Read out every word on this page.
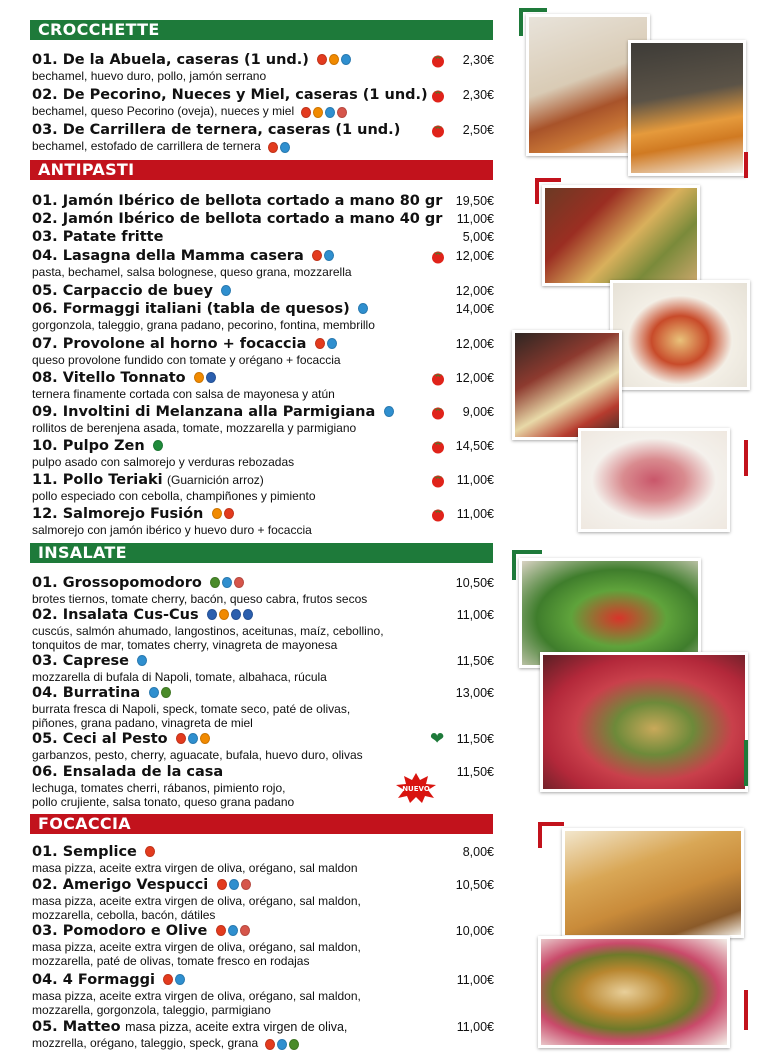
CROCCHETTE
01. De la Abuela, caseras (1 und.)	2,30€
bechamel, huevo duro, pollo, jamón serrano
02. De Pecorino, Nueces y Miel, caseras (1 und.)	2,30€
bechamel, queso Pecorino (oveja), nueces y miel
03. De Carrillera de ternera, caseras (1 und.)	2,50€
bechamel, estofado de carrillera de ternera
ANTIPASTI
01. Jamón Ibérico de bellota cortado a mano 80 gr 19,50€
02. Jamón Ibérico de bellota cortado a mano 40 gr 11,00€
03. Patate fritte	5,00€
04. Lasagna della Mamma casera	12,00€
pasta, bechamel, salsa bolognese, queso grana, mozzarella
05. Carpaccio de buey	12,00€
06. Formaggi italiani (tabla de quesos)	14,00€
gorgonzola, taleggio, grana padano, pecorino, fontina, membrillo
07. Provolone al horno + focaccia	12,00€
queso provolone fundido con tomate y orégano + focaccia
08. Vitello Tonnato	12,00€
ternera finamente cortada con salsa de mayonesa y atún
09. Involtini di Melanzana alla Parmigiana	9,00€
rollitos de berenjena asada, tomate, mozzarella y parmigiano
10. Pulpo Zen	14,50€
pulpo asado con salmorejo y verduras rebozadas
11. Pollo Teriaki (Guarnición arroz)	11,00€
pollo especiado con cebolla, champiñones y pimiento
12. Salmorejo Fusión	11,00€
salmorejo con jamón ibérico y huevo duro + focaccia
INSALATE
01. Grossopomodoro	10,50€
brotes tiernos, tomate cherry, bacón, queso cabra, frutos secos
02. Insalata Cus-Cus	11,00€
cuscús, salmón ahumado, langostinos, aceitunas, maíz, cebollino,
tonquitos de mar, tomates cherry, vinagreta de mayonesa
03. Caprese	11,50€
mozzarella di bufala di Napoli, tomate, albahaca, rúcula
04. Burratina	13,00€
burrata fresca di Napoli, speck, tomate seco, paté de olivas,
piñones, grana padano, vinagreta de miel
05. Ceci al Pesto	❤ 11,50€
garbanzos, pesto, cherry, aguacate, bufala, huevo duro, olivas
06. Ensalada de la casa	11,50€
lechuga, tomates cherri, rábanos, pimiento rojo,
pollo crujiente, salsa tonato, queso grana padano
NUEVO
FOCACCIA
01. Semplice	8,00€
masa pizza, aceite extra virgen de oliva, orégano, sal maldon
02. Amerigo Vespucci	10,50€
masa pizza, aceite extra virgen de oliva, orégano, sal maldon,
mozzarella, cebolla, bacón, dátiles
03. Pomodoro e Olive	10,00€
masa pizza, aceite extra virgen de oliva, orégano, sal maldon,
mozzarella, paté de olivas, tomate fresco en rodajas
04. 4 Formaggi	11,00€
masa pizza, aceite extra virgen de oliva, orégano, sal maldon,
mozzarella, gorgonzola, taleggio, parmigiano
05. Matteo masa pizza, aceite extra virgen de oliva,	11,00€
mozzrella, orégano, taleggio, speck, grana
